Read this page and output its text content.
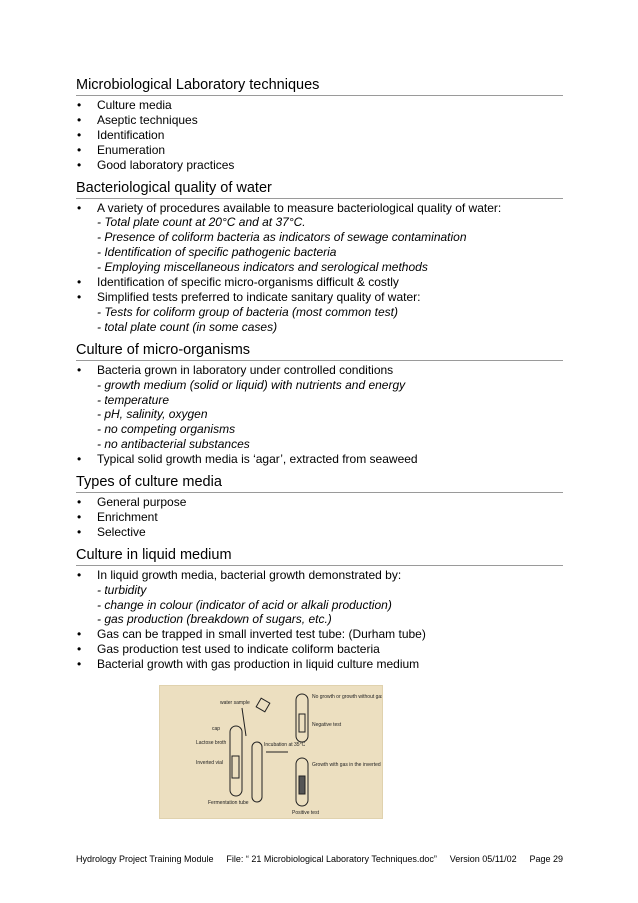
Microbiological Laboratory techniques
• Culture media
• Aseptic techniques
• Identification
• Enumeration
• Good laboratory practices
Bacteriological quality of water
• A variety of procedures available to measure bacteriological quality of water:
- Total plate count at 20°C and at 37°C.
- Presence of coliform bacteria as indicators of sewage contamination
- Identification of specific pathogenic bacteria
- Employing miscellaneous indicators and serological methods
• Identification of specific micro-organisms difficult & costly
• Simplified tests preferred to indicate sanitary quality of water:
- Tests for coliform group of bacteria (most common test)
- total plate count (in some cases)
Culture of micro-organisms
• Bacteria grown in laboratory under controlled conditions
- growth medium (solid or liquid) with nutrients and energy
- temperature
- pH, salinity, oxygen
- no competing organisms
- no antibacterial substances
• Typical solid growth media is ‘agar’, extracted from seaweed
Types of culture media
• General purpose
• Enrichment
• Selective
Culture in liquid medium
• In liquid growth media, bacterial growth demonstrated by:
- turbidity
- change in colour (indicator of acid or alkali production)
- gas production (breakdown of sugars, etc.)
• Gas can be trapped in small inverted test tube: (Durham tube)
• Gas production test used to indicate coliform bacteria
• Bacterial growth with gas production in liquid culture medium
water sample
cap
Lactose broth
Inverted vial
Fermentation tube
Incubation at 35°C
No growth or growth without gas
Negative test
Growth with gas in the inverted vial
Positive test
Hydrology Project Training Module File: “ 21 Microbiological Laboratory Techniques.doc” Version 05/11/02 Page 29
